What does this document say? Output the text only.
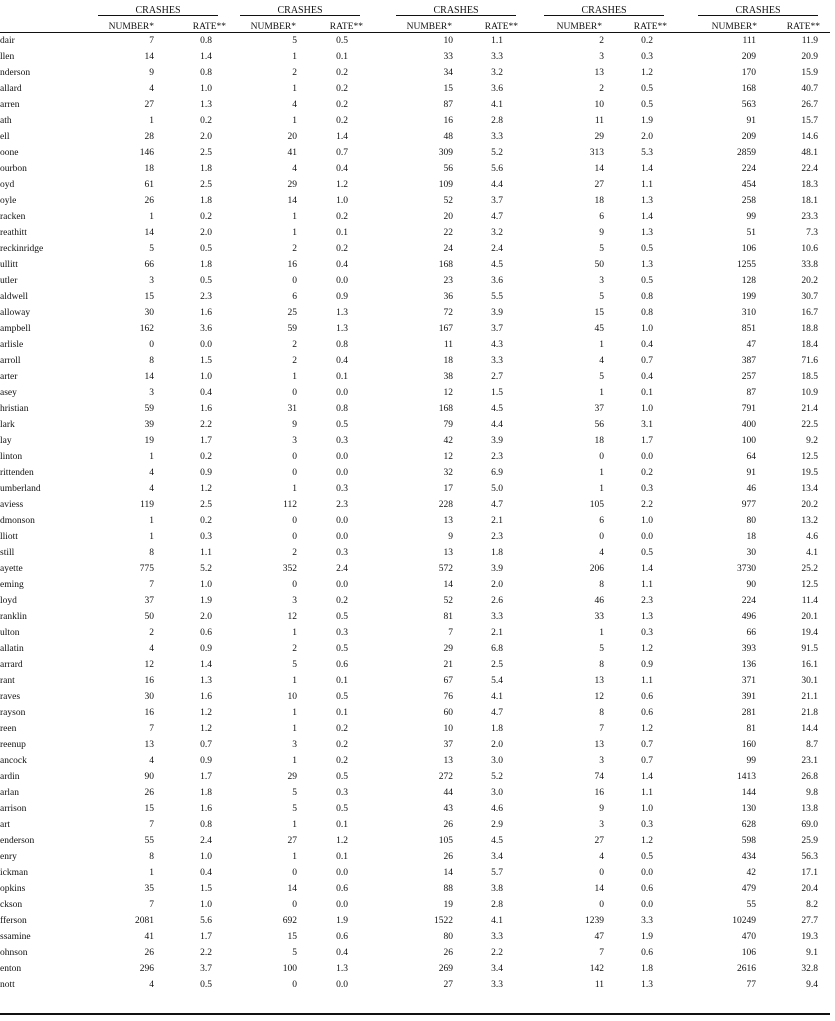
CRASHES	CRASHES	CRASHES	CRASHES	CRASHES
NUMBER*	RATE**	NUMBER*	RATE**	NUMBER*	RATE**	NUMBER*	RATE**	NUMBER*	RATE**
dair	7	0.8	5	0.5	10	1.1	2	0.2	111	11.9
llen	14	1.4	1	0.1	33	3.3	3	0.3	209	20.9
nderson	9	0.8	2	0.2	34	3.2	13	1.2	170	15.9
allard	4	1.0	1	0.2	15	3.6	2	0.5	168	40.7
arren	27	1.3	4	0.2	87	4.1	10	0.5	563	26.7
ath	1	0.2	1	0.2	16	2.8	11	1.9	91	15.7
ell	28	2.0	20	1.4	48	3.3	29	2.0	209	14.6
oone	146	2.5	41	0.7	309	5.2	313	5.3	2859	48.1
ourbon	18	1.8	4	0.4	56	5.6	14	1.4	224	22.4
oyd	61	2.5	29	1.2	109	4.4	27	1.1	454	18.3
oyle	26	1.8	14	1.0	52	3.7	18	1.3	258	18.1
racken	1	0.2	1	0.2	20	4.7	6	1.4	99	23.3
reathitt	14	2.0	1	0.1	22	3.2	9	1.3	51	7.3
reckinridge	5	0.5	2	0.2	24	2.4	5	0.5	106	10.6
ullitt	66	1.8	16	0.4	168	4.5	50	1.3	1255	33.8
utler	3	0.5	0	0.0	23	3.6	3	0.5	128	20.2
aldwell	15	2.3	6	0.9	36	5.5	5	0.8	199	30.7
alloway	30	1.6	25	1.3	72	3.9	15	0.8	310	16.7
ampbell	162	3.6	59	1.3	167	3.7	45	1.0	851	18.8
arlisle	0	0.0	2	0.8	11	4.3	1	0.4	47	18.4
arroll	8	1.5	2	0.4	18	3.3	4	0.7	387	71.6
arter	14	1.0	1	0.1	38	2.7	5	0.4	257	18.5
asey	3	0.4	0	0.0	12	1.5	1	0.1	87	10.9
hristian	59	1.6	31	0.8	168	4.5	37	1.0	791	21.4
lark	39	2.2	9	0.5	79	4.4	56	3.1	400	22.5
lay	19	1.7	3	0.3	42	3.9	18	1.7	100	9.2
linton	1	0.2	0	0.0	12	2.3	0	0.0	64	12.5
rittenden	4	0.9	0	0.0	32	6.9	1	0.2	91	19.5
umberland	4	1.2	1	0.3	17	5.0	1	0.3	46	13.4
aviess	119	2.5	112	2.3	228	4.7	105	2.2	977	20.2
dmonson	1	0.2	0	0.0	13	2.1	6	1.0	80	13.2
lliott	1	0.3	0	0.0	9	2.3	0	0.0	18	4.6
still	8	1.1	2	0.3	13	1.8	4	0.5	30	4.1
ayette	775	5.2	352	2.4	572	3.9	206	1.4	3730	25.2
eming	7	1.0	0	0.0	14	2.0	8	1.1	90	12.5
loyd	37	1.9	3	0.2	52	2.6	46	2.3	224	11.4
ranklin	50	2.0	12	0.5	81	3.3	33	1.3	496	20.1
ulton	2	0.6	1	0.3	7	2.1	1	0.3	66	19.4
allatin	4	0.9	2	0.5	29	6.8	5	1.2	393	91.5
arrard	12	1.4	5	0.6	21	2.5	8	0.9	136	16.1
rant	16	1.3	1	0.1	67	5.4	13	1.1	371	30.1
raves	30	1.6	10	0.5	76	4.1	12	0.6	391	21.1
rayson	16	1.2	1	0.1	60	4.7	8	0.6	281	21.8
reen	7	1.2	1	0.2	10	1.8	7	1.2	81	14.4
reenup	13	0.7	3	0.2	37	2.0	13	0.7	160	8.7
ancock	4	0.9	1	0.2	13	3.0	3	0.7	99	23.1
ardin	90	1.7	29	0.5	272	5.2	74	1.4	1413	26.8
arlan	26	1.8	5	0.3	44	3.0	16	1.1	144	9.8
arrison	15	1.6	5	0.5	43	4.6	9	1.0	130	13.8
art	7	0.8	1	0.1	26	2.9	3	0.3	628	69.0
enderson	55	2.4	27	1.2	105	4.5	27	1.2	598	25.9
enry	8	1.0	1	0.1	26	3.4	4	0.5	434	56.3
ickman	1	0.4	0	0.0	14	5.7	0	0.0	42	17.1
opkins	35	1.5	14	0.6	88	3.8	14	0.6	479	20.4
ckson	7	1.0	0	0.0	19	2.8	0	0.0	55	8.2
fferson	2081	5.6	692	1.9	1522	4.1	1239	3.3	10249	27.7
ssamine	41	1.7	15	0.6	80	3.3	47	1.9	470	19.3
ohnson	26	2.2	5	0.4	26	2.2	7	0.6	106	9.1
enton	296	3.7	100	1.3	269	3.4	142	1.8	2616	32.8
nott	4	0.5	0	0.0	27	3.3	11	1.3	77	9.4
